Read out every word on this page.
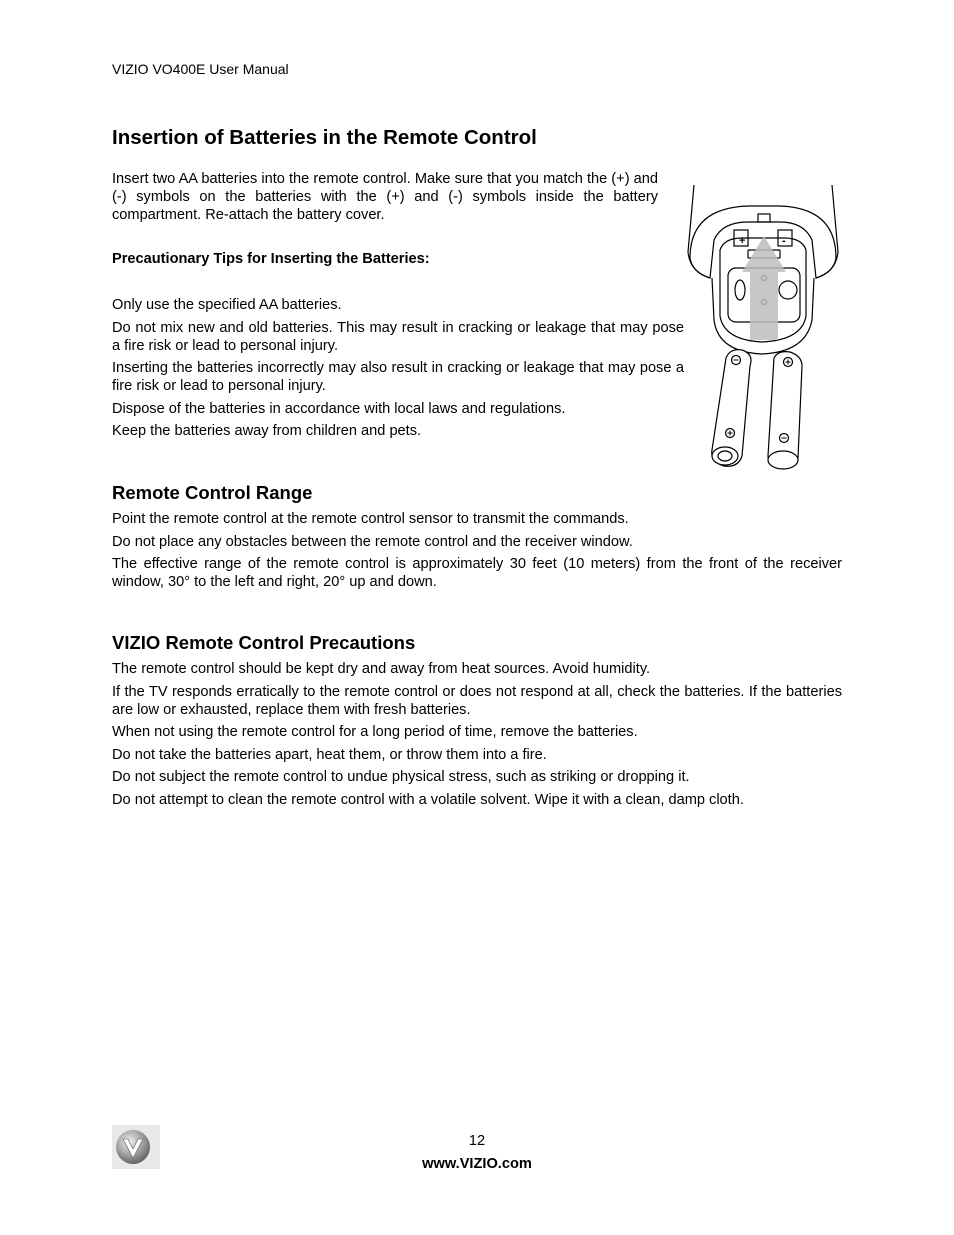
VIZIO VO400E User Manual
Insertion of Batteries in the Remote Control

Insert two AA batteries into the remote control. Make sure that you match the (+) and (-) symbols on the batteries with the (+) and (-) symbols inside the battery compartment. Re-attach the battery cover.

Precautionary Tips for Inserting the Batteries:

Only use the specified AA batteries.

Do not mix new and old batteries. This may result in cracking or leakage that may pose a fire risk or lead to personal injury.

Inserting the batteries incorrectly may also result in cracking or leakage that may pose a fire risk or lead to personal injury.

Dispose of the batteries in accordance with local laws and regulations.

Keep the batteries away from children and pets.

+	-
Remote Control Range

Point the remote control at the remote control sensor to transmit the commands.

Do not place any obstacles between the remote control and the receiver window.

The effective range of the remote control is approximately 30 feet (10 meters) from the front of the receiver window, 30° to the left and right, 20° up and down.

VIZIO Remote Control Precautions

The remote control should be kept dry and away from heat sources. Avoid humidity.

If the TV responds erratically to the remote control or does not respond at all, check the batteries. If the batteries are low or exhausted, replace them with fresh batteries.

When not using the remote control for a long period of time, remove the batteries.

Do not take the batteries apart, heat them, or throw them into a fire.

Do not subject the remote control to undue physical stress, such as striking or dropping it.

Do not attempt to clean the remote control with a volatile solvent. Wipe it with a clean, damp cloth.

12
www.VIZIO.com
